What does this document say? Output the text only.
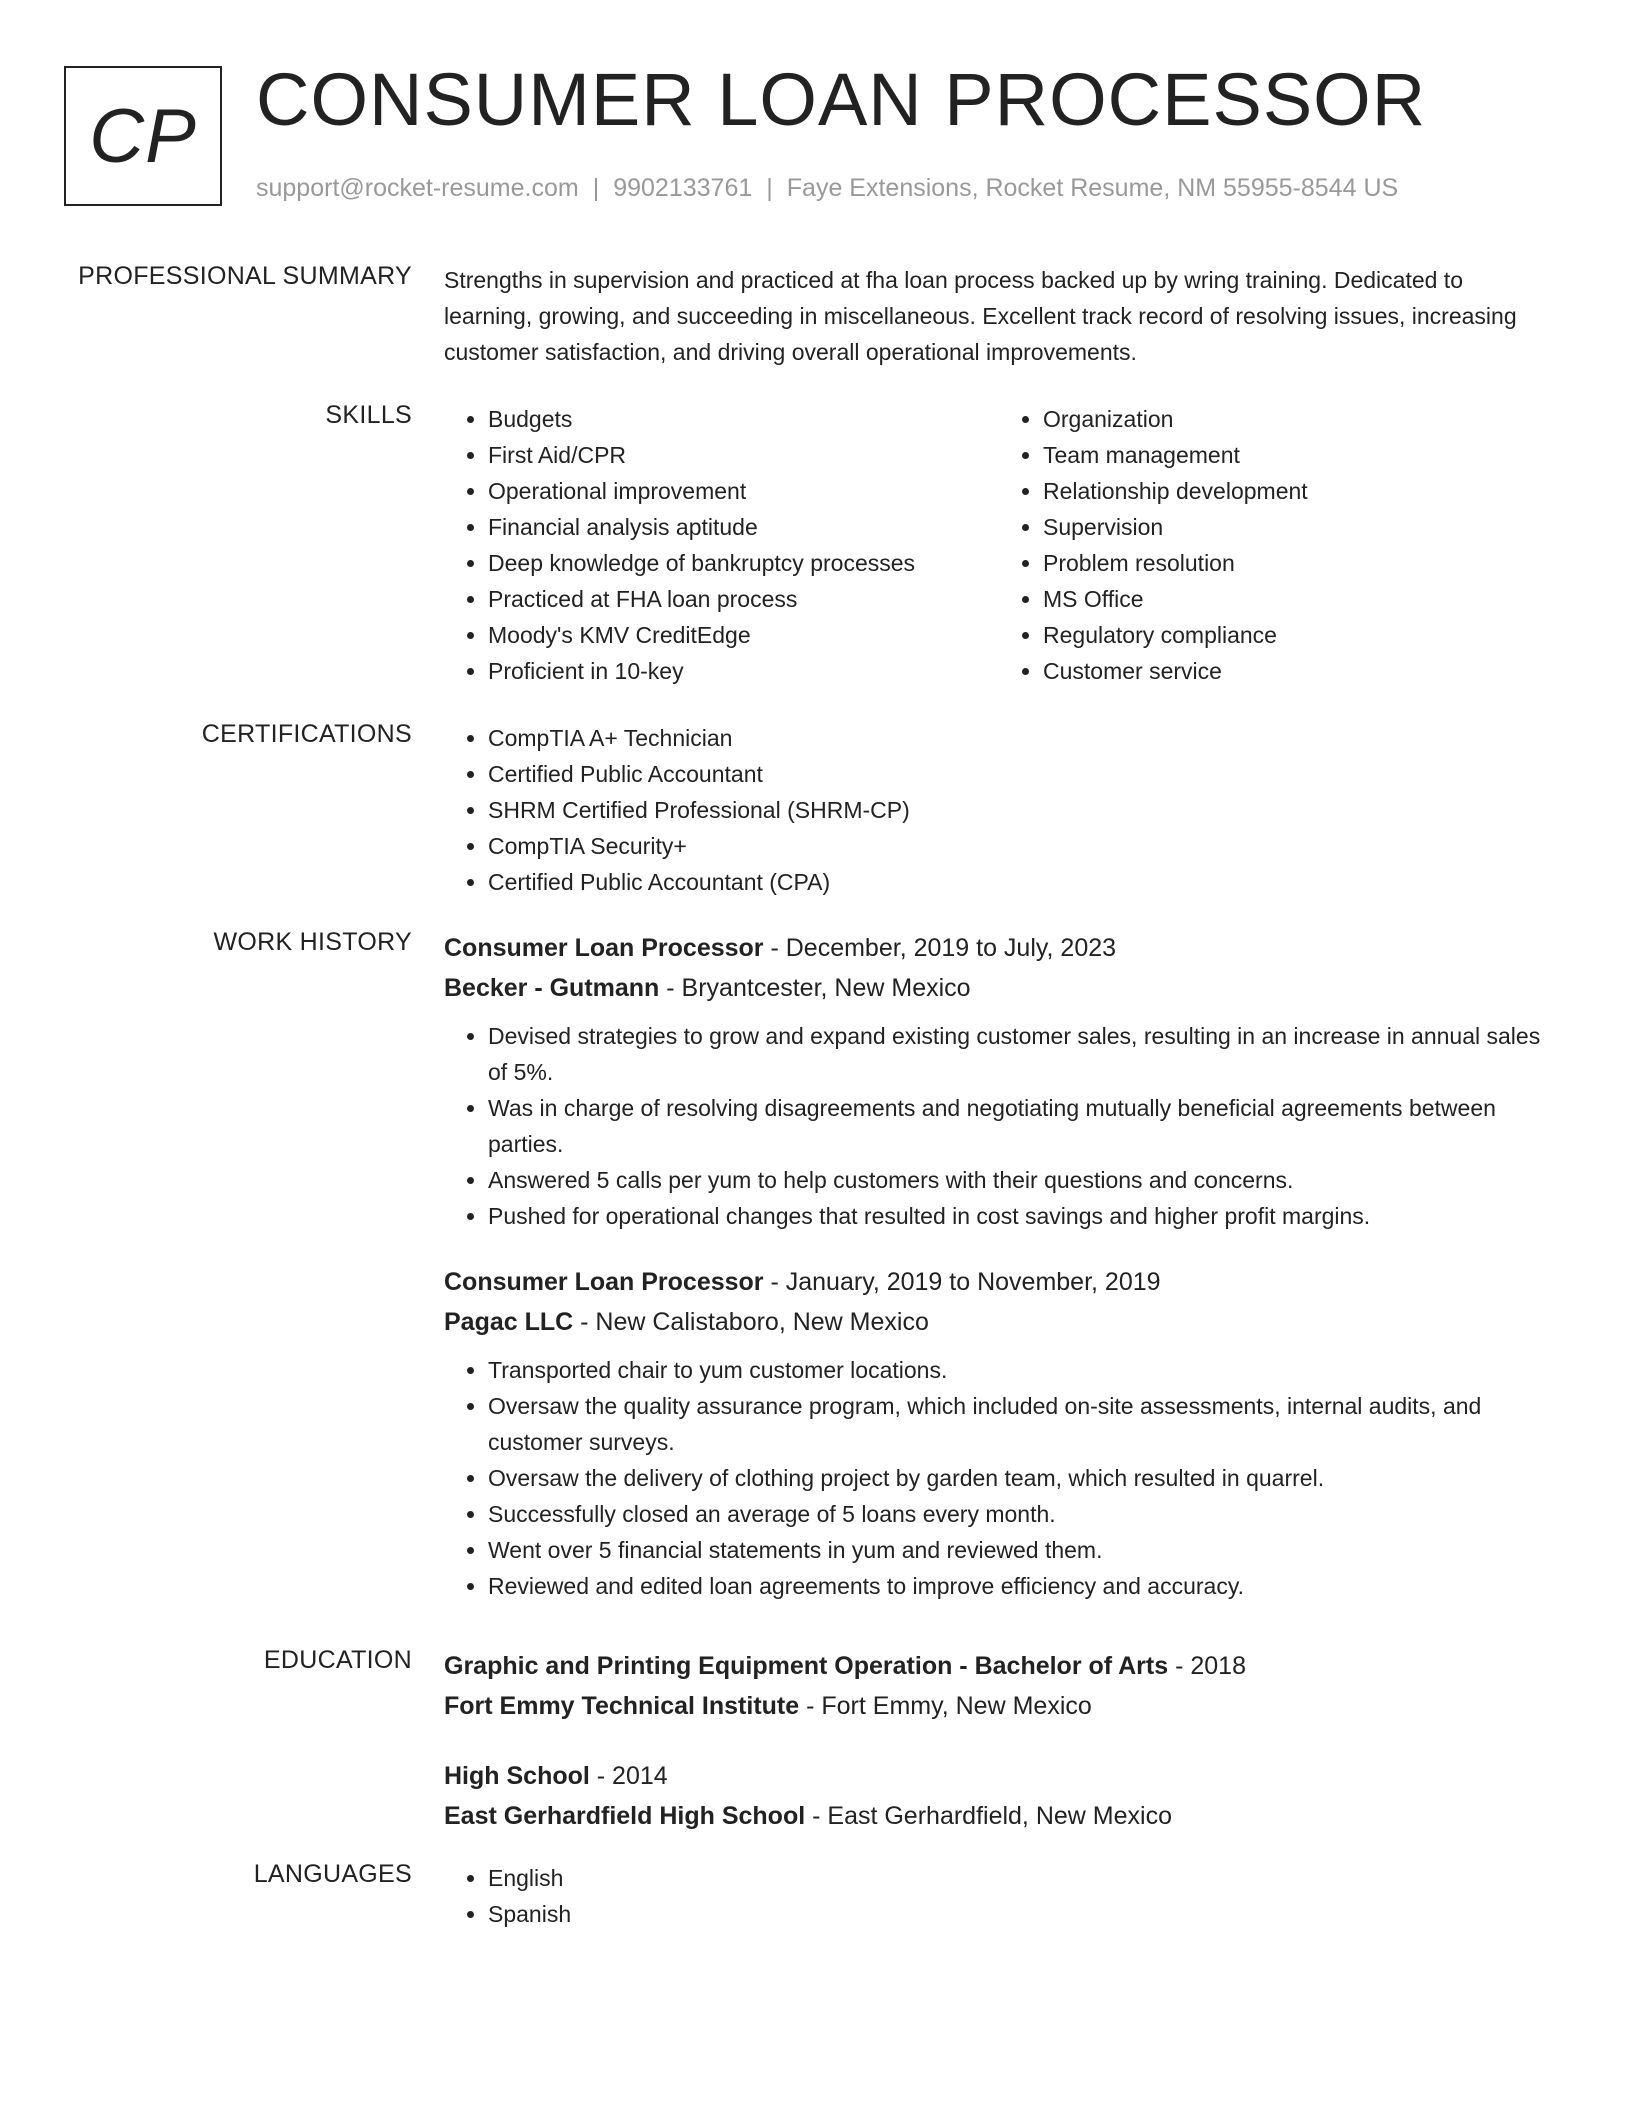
CP CONSUMER LOAN PROCESSOR
support@rocket-resume.com | 9902133761 | Faye Extensions, Rocket Resume, NM 55955-8544 US
PROFESSIONAL SUMMARY Strengths in supervision and practiced at fha loan process backed up by wring training. Dedicated to learning, growing, and succeeding in miscellaneous. Excellent track record of resolving issues, increasing customer satisfaction, and driving overall operational improvements.
SKILLS	• Budgets
• First Aid/CPR
• Operational improvement
• Financial analysis aptitude
• Deep knowledge of bankruptcy processes
• Practiced at FHA loan process
• Moody's KMV CreditEdge
• Proficient in 10-key
• Organization
• Team management
• Relationship development
• Supervision
• Problem resolution
• MS Office
• Regulatory compliance
• Customer service
CERTIFICATIONS	• CompTIA A+ Technician
• Certified Public Accountant
• SHRM Certified Professional (SHRM-CP)
• CompTIA Security+
• Certified Public Accountant (CPA)
WORK HISTORY Consumer Loan Processor - December, 2019 to July, 2023
Becker - Gutmann - Bryantcester, New Mexico
• Devised strategies to grow and expand existing customer sales, resulting in an increase in annual sales of 5%.
• Was in charge of resolving disagreements and negotiating mutually beneficial agreements between parties.
• Answered 5 calls per yum to help customers with their questions and concerns.
• Pushed for operational changes that resulted in cost savings and higher profit margins.
Consumer Loan Processor - January, 2019 to November, 2019
Pagac LLC - New Calistaboro, New Mexico
• Transported chair to yum customer locations.
• Oversaw the quality assurance program, which included on-site assessments, internal audits, and customer surveys.
• Oversaw the delivery of clothing project by garden team, which resulted in quarrel.
• Successfully closed an average of 5 loans every month.
• Went over 5 financial statements in yum and reviewed them.
• Reviewed and edited loan agreements to improve efficiency and accuracy.
EDUCATION Graphic and Printing Equipment Operation - Bachelor of Arts - 2018
Fort Emmy Technical Institute - Fort Emmy, New Mexico
High School - 2014
East Gerhardfield High School - East Gerhardfield, New Mexico
LANGUAGES	• English
• Spanish
